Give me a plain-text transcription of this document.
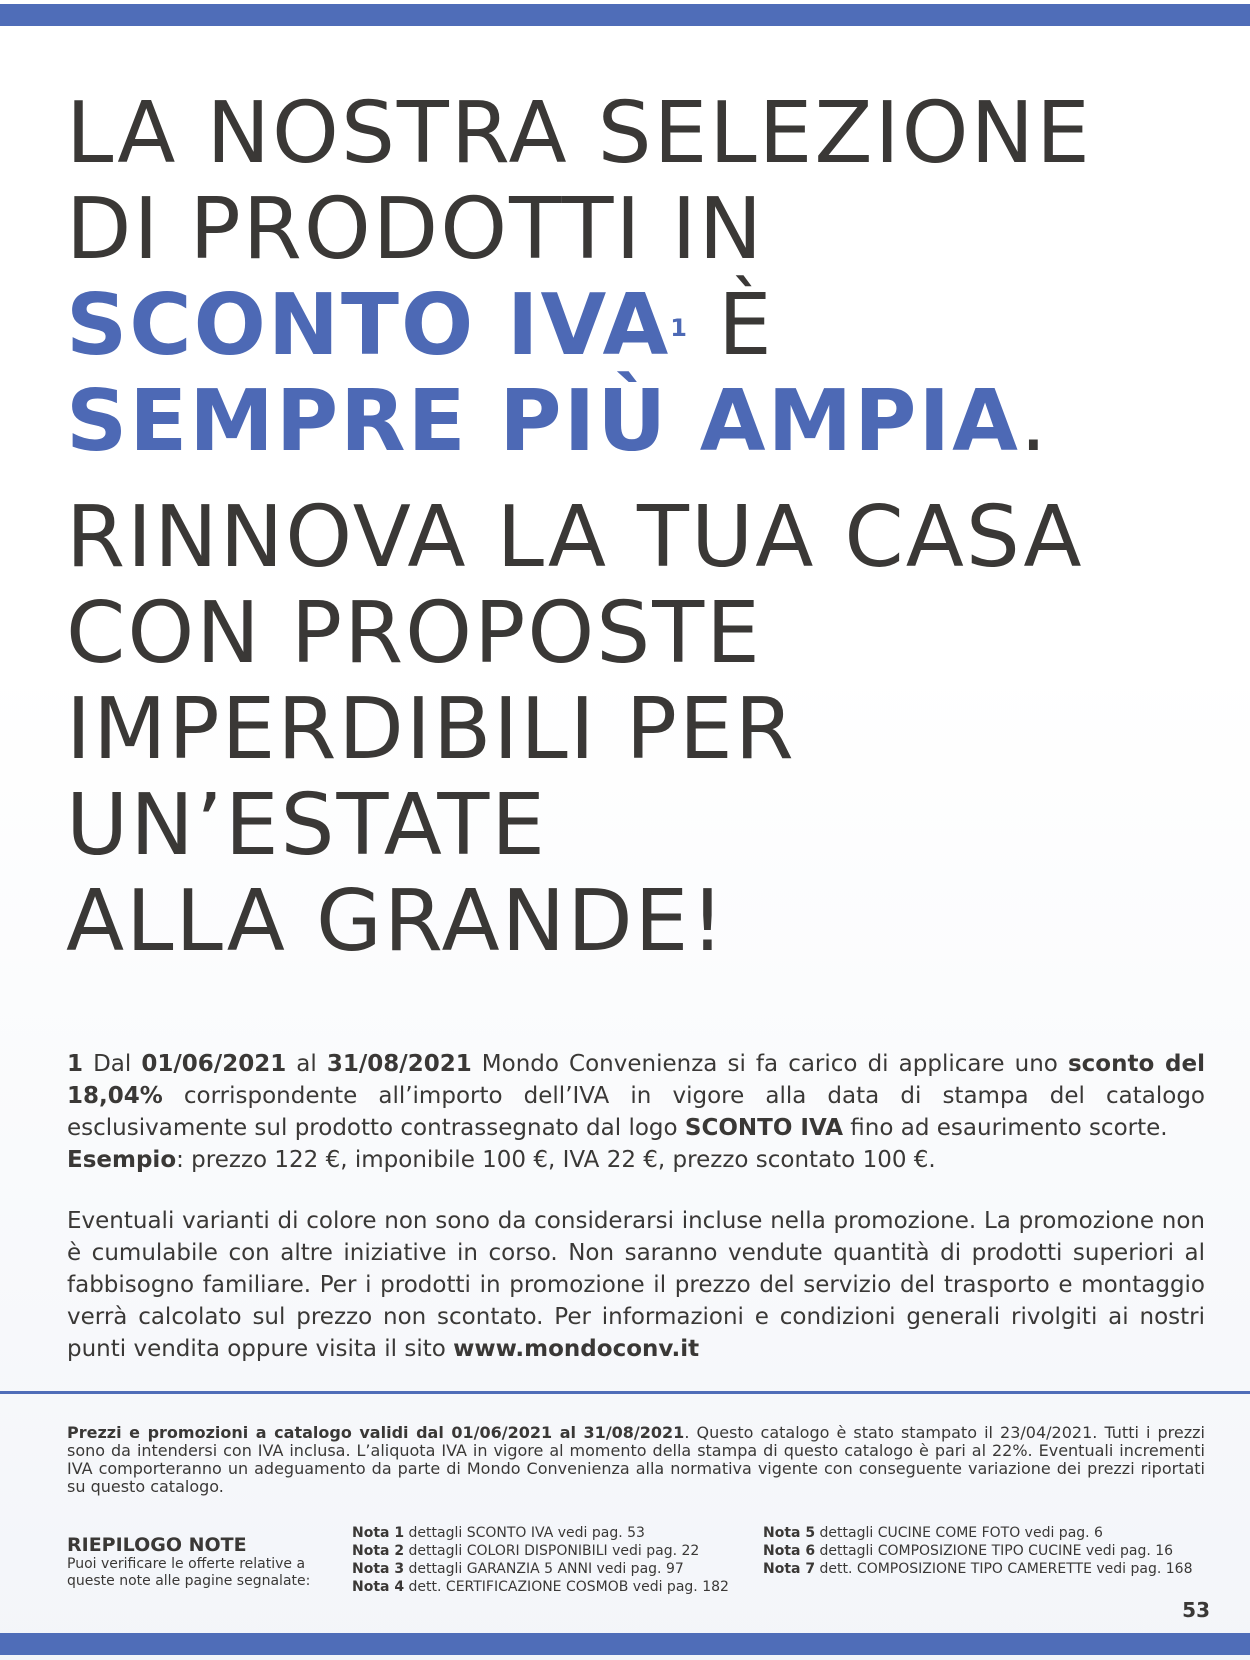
LA NOSTRA SELEZIONE
DI PRODOTTI IN
SCONTO IVA$^1$ È
SEMPRE PIÙ AMPIA.
RINNOVA LA TUA CASA
CON PROPOSTE
IMPERDIBILI PER
UN’ESTATE
ALLA GRANDE!
1 Dal 01/06/2021 al 31/08/2021 Mondo Convenienza si fa carico di applicare uno sconto del 18,04% corrispondente all’importo dell’IVA in vigore alla data di stampa del catalogo esclusivamente sul prodotto contrassegnato dal logo SCONTO IVA fino ad esaurimento scorte.
Esempio: prezzo 122 €, imponibile 100 €, IVA 22 €, prezzo scontato 100 €.
Eventuali varianti di colore non sono da considerarsi incluse nella promozione. La promozione non è cumulabile con altre iniziative in corso. Non saranno vendute quantità di prodotti superiori al fabbisogno familiare. Per i prodotti in promozione il prezzo del servizio del trasporto e montaggio verrà calcolato sul prezzo non scontato. Per informazioni e condizioni generali rivolgiti ai nostri punti vendita oppure visita il sito www.mondoconv.it
Prezzi e promozioni a catalogo validi dal 01/06/2021 al 31/08/2021. Questo catalogo è stato stampato il 23/04/2021. Tutti i prezzi sono da intendersi con IVA inclusa. L’aliquota IVA in vigore al momento della stampa di questo catalogo è pari al 22%. Eventuali incrementi IVA comporteranno un adeguamento da parte di Mondo Convenienza alla normativa vigente con conseguente variazione dei prezzi riportati su questo catalogo.
RIEPILOGO NOTE
Puoi verificare le offerte relative a queste note alle pagine segnalate:
Nota 1 dettagli SCONTO IVA vedi pag. 53
Nota 2 dettagli COLORI DISPONIBILI vedi pag. 22
Nota 3 dettagli GARANZIA 5 ANNI vedi pag. 97
Nota 4 dett. CERTIFICAZIONE COSMOB vedi pag. 182
Nota 5 dettagli CUCINE COME FOTO vedi pag. 6
Nota 6 dettagli COMPOSIZIONE TIPO CUCINE vedi pag. 16
Nota 7 dett. COMPOSIZIONE TIPO CAMERETTE vedi pag. 168
53
